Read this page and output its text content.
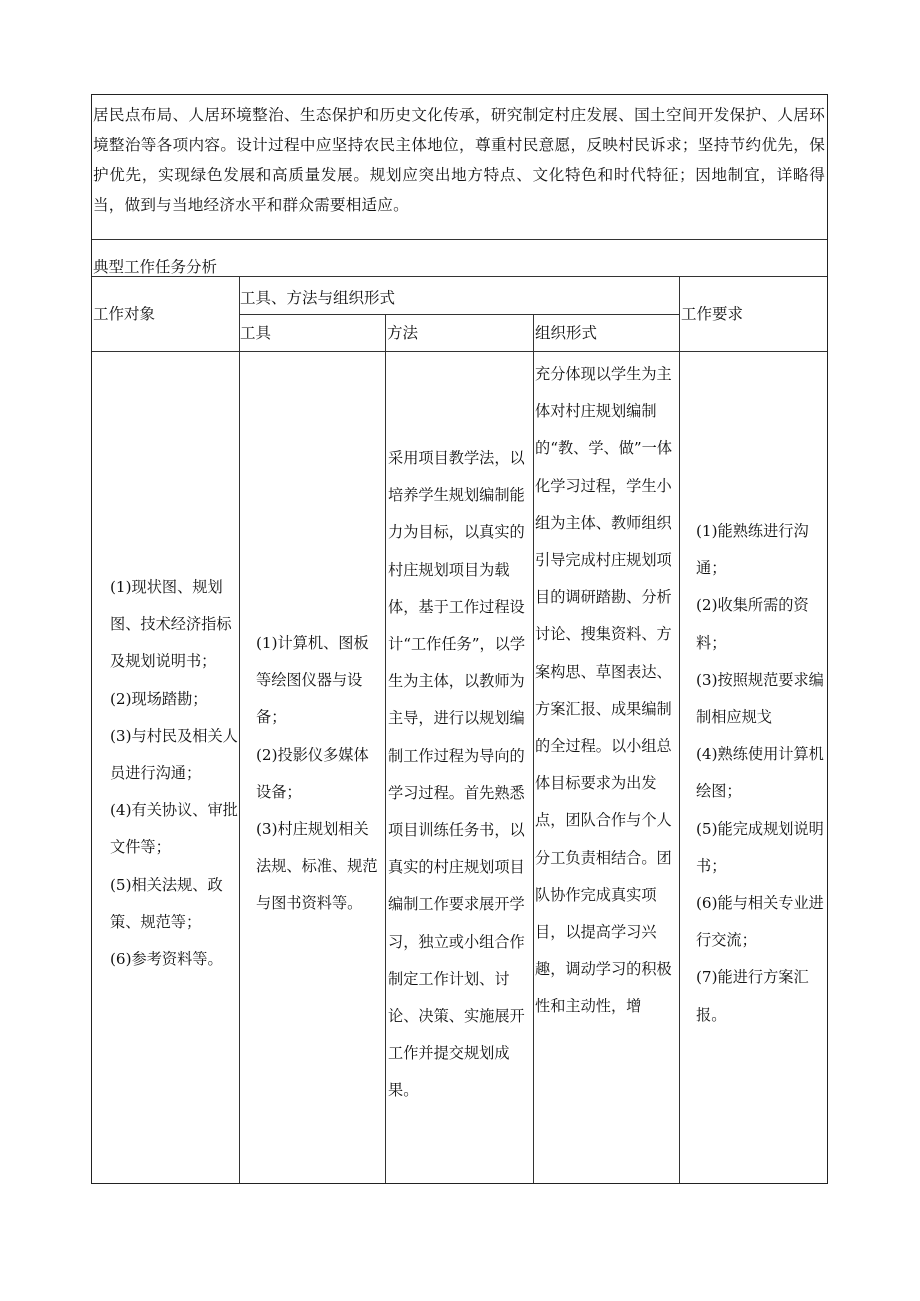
居民点布局、人居环境整治、生态保护和历史文化传承，研究制定村庄发展、国土空间开发保护、人居环境整治等各项内容。设计过程中应坚持农民主体地位，尊重村民意愿，反映村民诉求；坚持节约优先，保护优先，实现绿色发展和高质量发展。规划应突出地方特点、文化特色和时代特征；因地制宜，详略得当，做到与当地经济水平和群众需要相适应。
典型工作任务分析
工作对象
工具、方法与组织形式
工具	方法	组织形式
工作要求

(1)现状图、规划图、技术经济指标及规划说明书；

(2)现场踏勘；

(3)与村民及相关人员进行沟通；

(4)有关协议、审批文件等；

(5)相关法规、政策、规范等；

(6)参考资料等。

(1)计算机、图板等绘图仪器与设备；

(2)投影仪多媒体设备；

(3)村庄规划相关法规、标准、规范与图书资料等。

采用项目教学法，以培养学生规划编制能力为目标，以真实的村庄规划项目为载体，基于工作过程设计“工作任务”，以学生为主体，以教师为主导，进行以规划编制工作过程为导向的学习过程。首先熟悉项目训练任务书，以真实的村庄规划项目编制工作要求展开学习，独立或小组合作制定工作计划、讨论、决策、实施展开工作并提交规划成果。

充分体现以学生为主体对村庄规划编制的“教、学、做”一体化学习过程，学生小组为主体、教师组织引导完成村庄规划项目的调研踏勘、分析讨论、搜集资料、方案构思、草图表达、方案汇报、成果编制的全过程。以小组总体目标要求为出发点，团队合作与个人分工负责相结合。团队协作完成真实项目，以提高学习兴趣，调动学习的积极性和主动性，增

(1)能熟练进行沟通；

(2)收集所需的资料；

(3)按照规范要求编制相应规戈

(4)熟练使用计算机绘图；

(5)能完成规划说明书；

(6)能与相关专业进行交流；

(7)能进行方案汇报。
